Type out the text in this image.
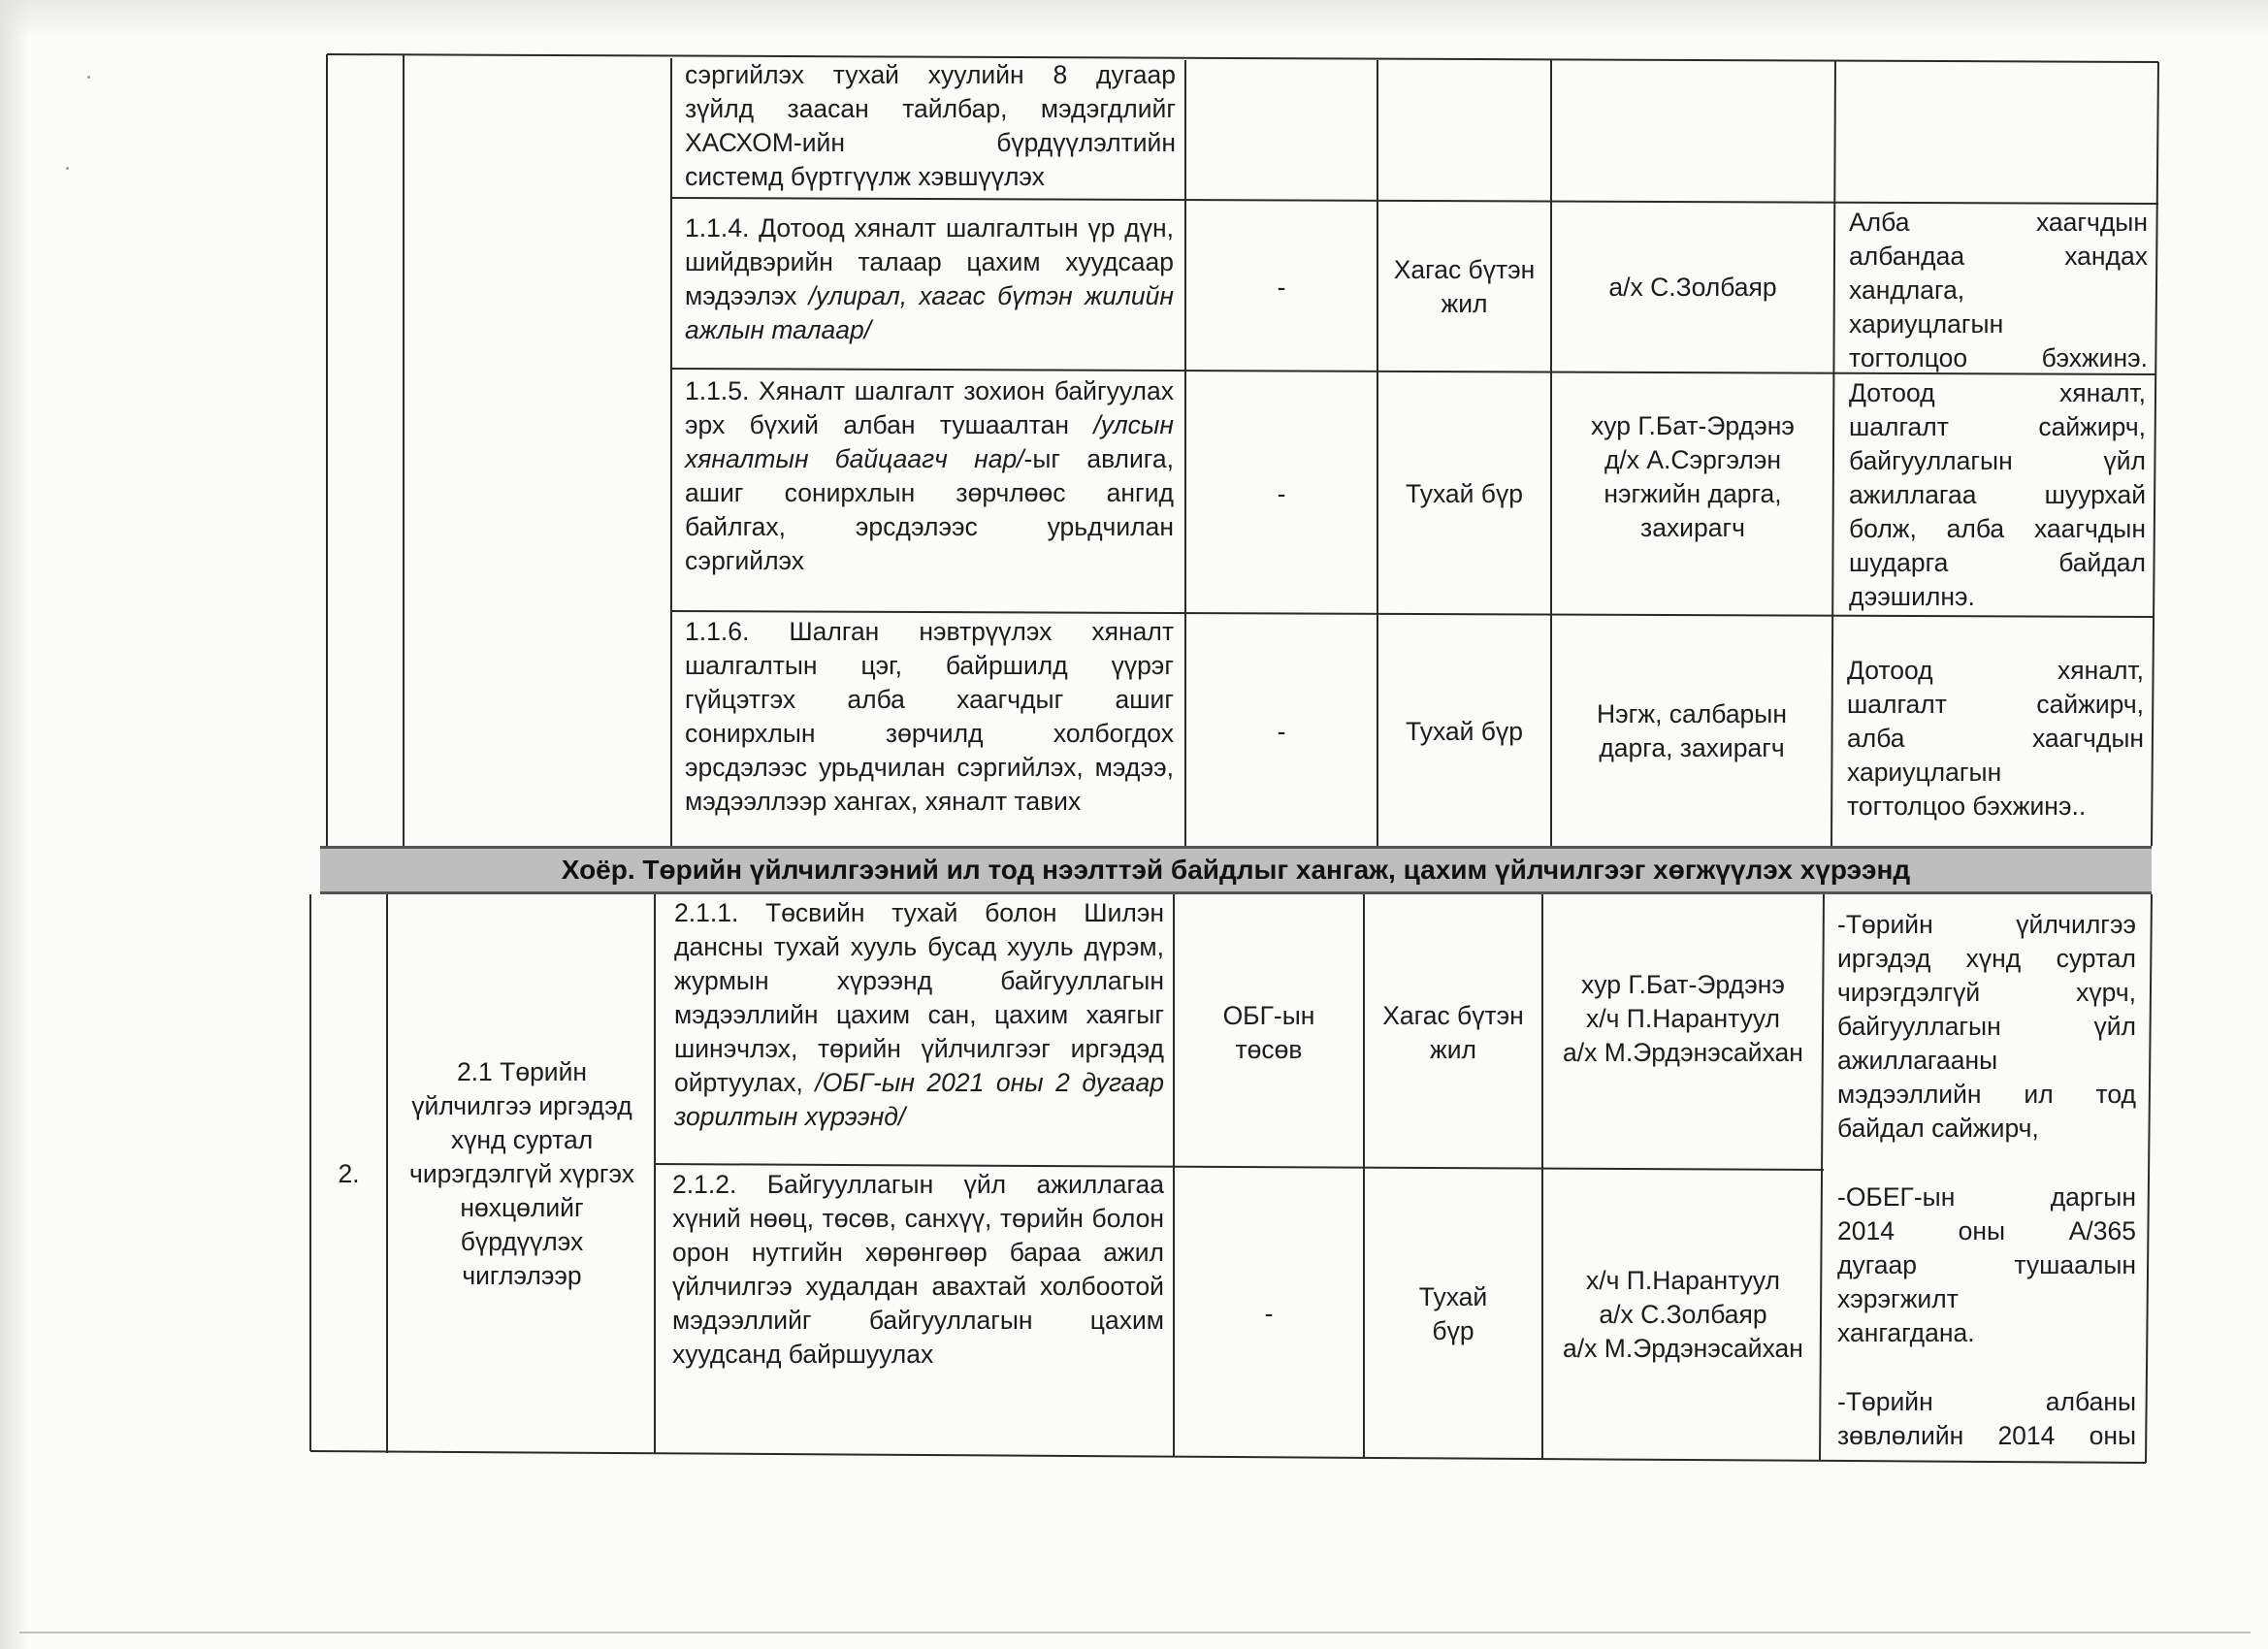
сэргийлэх тухай хуулийн 8 дугаар
зүйлд заасан тайлбар, мэдэгдлийг
ХАСХОМ-ийн бүрдүүлэлтийн
системд бүртгүүлж хэвшүүлэх
1.1.4. Дотоод хяналт шалгалтын үр дүн, шийдвэрийн талаар цахим хуудсаар мэдээлэх /улирал, хагас бүтэн жилийн ажлын талаар/
-
Хагас бүтэн жил
а/х С.Золбаяр
Алба хаагчдын
албандаа хандах
хандлага,
хариуцлагын
тогтолцоо бэхжинэ.
1.1.5. Хяналт шалгалт зохион байгуулах эрх бүхий албан тушаалтан /улсын хяналтын байцаагч нар/-ыг авлига, ашиг сонирхлын зөрчлөөс ангид байлгах, эрсдэлээс урьдчилан сэргийлэх
-	Тухай бүр
хур Г.Бат-Эрдэнэ
д/х А.Сэргэлэн
нэгжийн дарга,
захирагч
Дотоод хяналт,
шалгалт сайжирч,
байгууллагын үйл
ажиллагаа шуурхай
болж, алба хаагчдын
шударга байдал
дээшилнэ.
1.1.6. Шалган нэвтрүүлэх хяналт шалгалтын цэг, байршилд үүрэг гүйцэтгэх алба хаагчдыг ашиг сонирхлын зөрчилд холбогдох эрсдэлээс урьдчилан сэргийлэх, мэдээ, мэдээллээр хангах, хяналт тавих
-	Тухай бүр
Нэгж, салбарын
дарга, захирагч
Дотоод хяналт,
шалгалт сайжирч,
алба хаагчдын
хариуцлагын
тогтолцоо бэхжинэ..
Хоёр. Төрийн үйлчилгээний ил тод нээлттэй байдлыг хангаж, цахим үйлчилгээг хөгжүүлэх хүрээнд
2.
2.1 Төрийн үйлчилгээ иргэдэд хүнд суртал чирэгдэлгүй хүргэх нөхцөлийг бүрдүүлэх чиглэлээр
2.1.1. Төсвийн тухай болон Шилэн дансны тухай хууль бусад хууль дүрэм, журмын хүрээнд байгууллагын мэдээллийн цахим сан, цахим хаягыг шинэчлэх, төрийн үйлчилгээг иргэдэд ойртуулах, /ОБГ-ын 2021 оны 2 дугаар зорилтын хүрээнд/
ОБГ-ын төсөв
Хагас бүтэн жил
хур Г.Бат-Эрдэнэ
х/ч П.Нарантуул
а/х М.Эрдэнэсайхан
2.1.2. Байгууллагын үйл ажиллагаа хүний нөөц, төсөв, санхүү, төрийн болон орон нутгийн хөрөнгөөр бараа ажил үйлчилгээ худалдан авахтай холбоотой мэдээллийг байгууллагын цахим хуудсанд байршуулах
-
Тухай бүр
х/ч П.Нарантуул
а/х С.Золбаяр
а/х М.Эрдэнэсайхан
-Төрийн үйлчилгээ
иргэдэд хүнд суртал
чирэгдэлгүй хүрч,
байгууллагын үйл
ажиллагааны
мэдээллийн ил тод
байдал сайжирч,
-ОБЕГ-ын даргын
2014 оны А/365
дугаар тушаалын
хэрэгжилт
хангагдана.
-Төрийн албаны
зөвлөлийн 2014 оны
